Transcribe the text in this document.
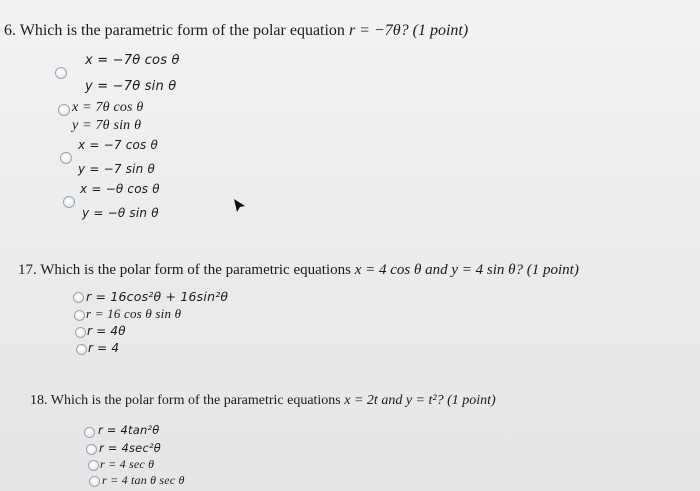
6. Which is the parametric form of the polar equation r = −7θ? (1 point)
x = −7θ cos θ
y = −7θ sin θ
x = 7θ cos θ
y = 7θ sin θ
x = −7 cos θ
y = −7 sin θ
x = −θ cos θ
y = −θ sin θ
17. Which is the polar form of the parametric equations x = 4 cos θ and y = 4 sin θ? (1 point)
r = 16cos²θ + 16sin²θ
r = 16 cos θ sin θ
r = 4θ
r = 4
18. Which is the polar form of the parametric equations x = 2t and y = t²? (1 point)
r = 4tan²θ
r = 4sec²θ
r = 4 sec θ
r = 4 tan θ sec θ
